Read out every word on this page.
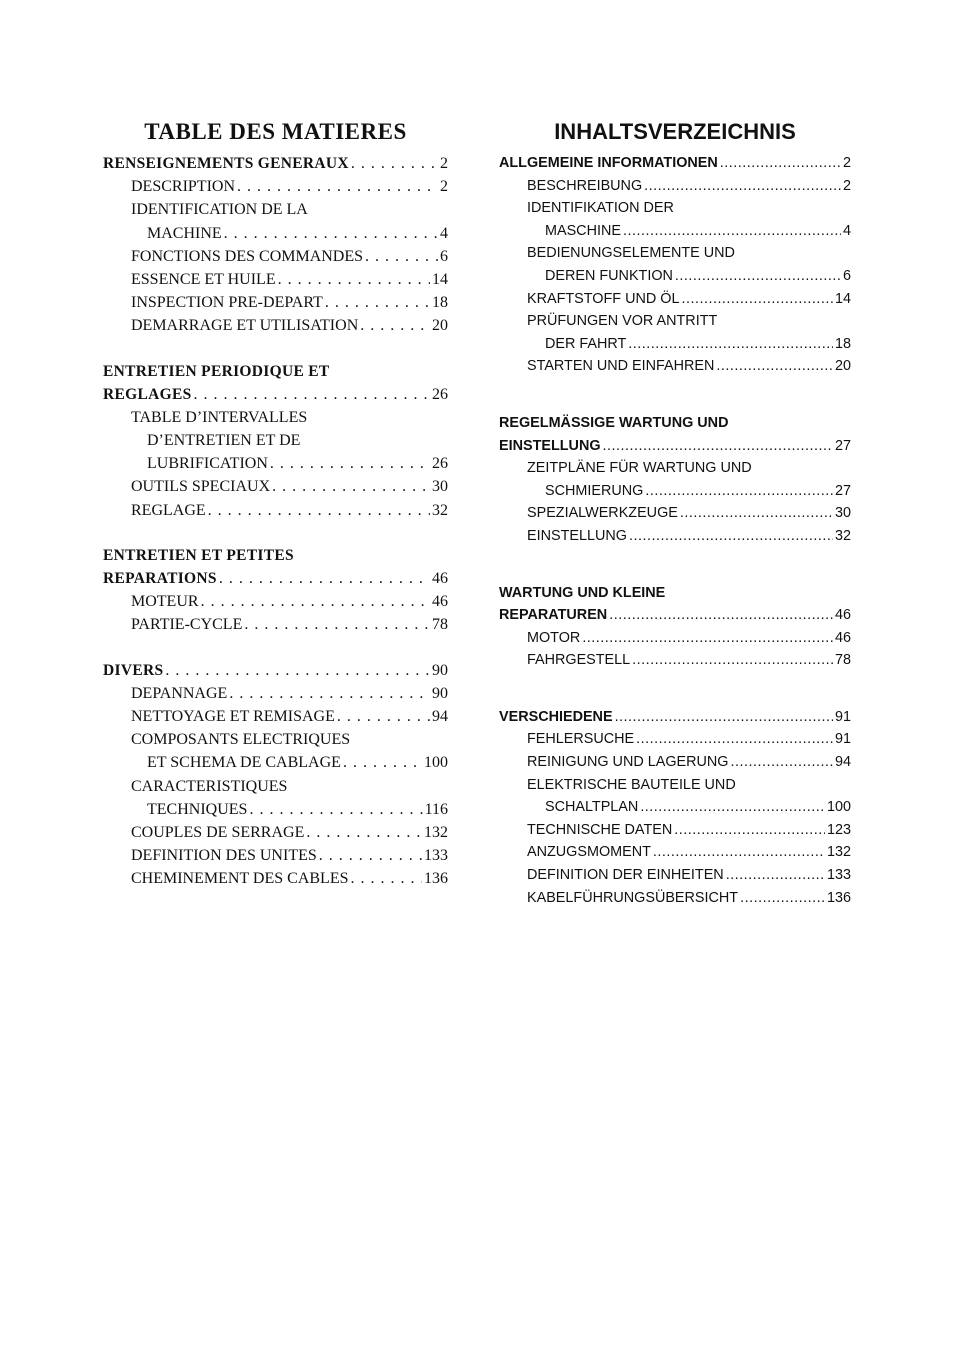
TABLE DES MATIERES
RENSEIGNEMENTS GENERAUX . . .	2
DESCRIPTION . . .	2
IDENTIFICATION DE LA
MACHINE . . .	4
FONCTIONS DES COMMANDES . . .	6
ESSENCE ET HUILE . . .	14
INSPECTION PRE-DEPART . . .	18
DEMARRAGE ET UTILISATION . . .	20
ENTRETIEN PERIODIQUE ET
REGLAGES . . .	26
TABLE D’INTERVALLES
D’ENTRETIEN ET DE
LUBRIFICATION . . .	26
OUTILS SPECIAUX . . .	30
REGLAGE . . .	32
ENTRETIEN ET PETITES
REPARATIONS . . .	46
MOTEUR . . .	46
PARTIE-CYCLE . . .	78
DIVERS . . .	90
DEPANNAGE . . .	90
NETTOYAGE ET REMISAGE . . .	94
COMPOSANTS ELECTRIQUES
ET SCHEMA DE CABLAGE . . .	100
CARACTERISTIQUES
TECHNIQUES . . .	116
COUPLES DE SERRAGE . . .	132
DEFINITION DES UNITES . . .	133
CHEMINEMENT DES CABLES . . .	136
INHALTSVERZEICHNIS
ALLGEMEINE INFORMATIONEN .....	2
BESCHREIBUNG .....	2
IDENTIFIKATION DER
MASCHINE .....	4
BEDIENUNGSELEMENTE UND
DEREN FUNKTION .....	6
KRAFTSTOFF UND ÖL .....	14
PRÜFUNGEN VOR ANTRITT
DER FAHRT .....	18
STARTEN UND EINFAHREN .....	20
REGELMÄSSIGE WARTUNG UND
EINSTELLUNG .....	27
ZEITPLÄNE FÜR WARTUNG UND
SCHMIERUNG .....	27
SPEZIALWERKZEUGE .....	30
EINSTELLUNG .....	32
WARTUNG UND KLEINE
REPARATUREN .....	46
MOTOR .....	46
FAHRGESTELL .....	78
VERSCHIEDENE .....	91
FEHLERSUCHE .....	91
REINIGUNG UND LAGERUNG .....	94
ELEKTRISCHE BAUTEILE UND
SCHALTPLAN .....	100
TECHNISCHE DATEN .....	123
ANZUGSMOMENT .....	132
DEFINITION DER EINHEITEN .....	133
KABELFÜHRUNGSÜBERSICHT .....	136
